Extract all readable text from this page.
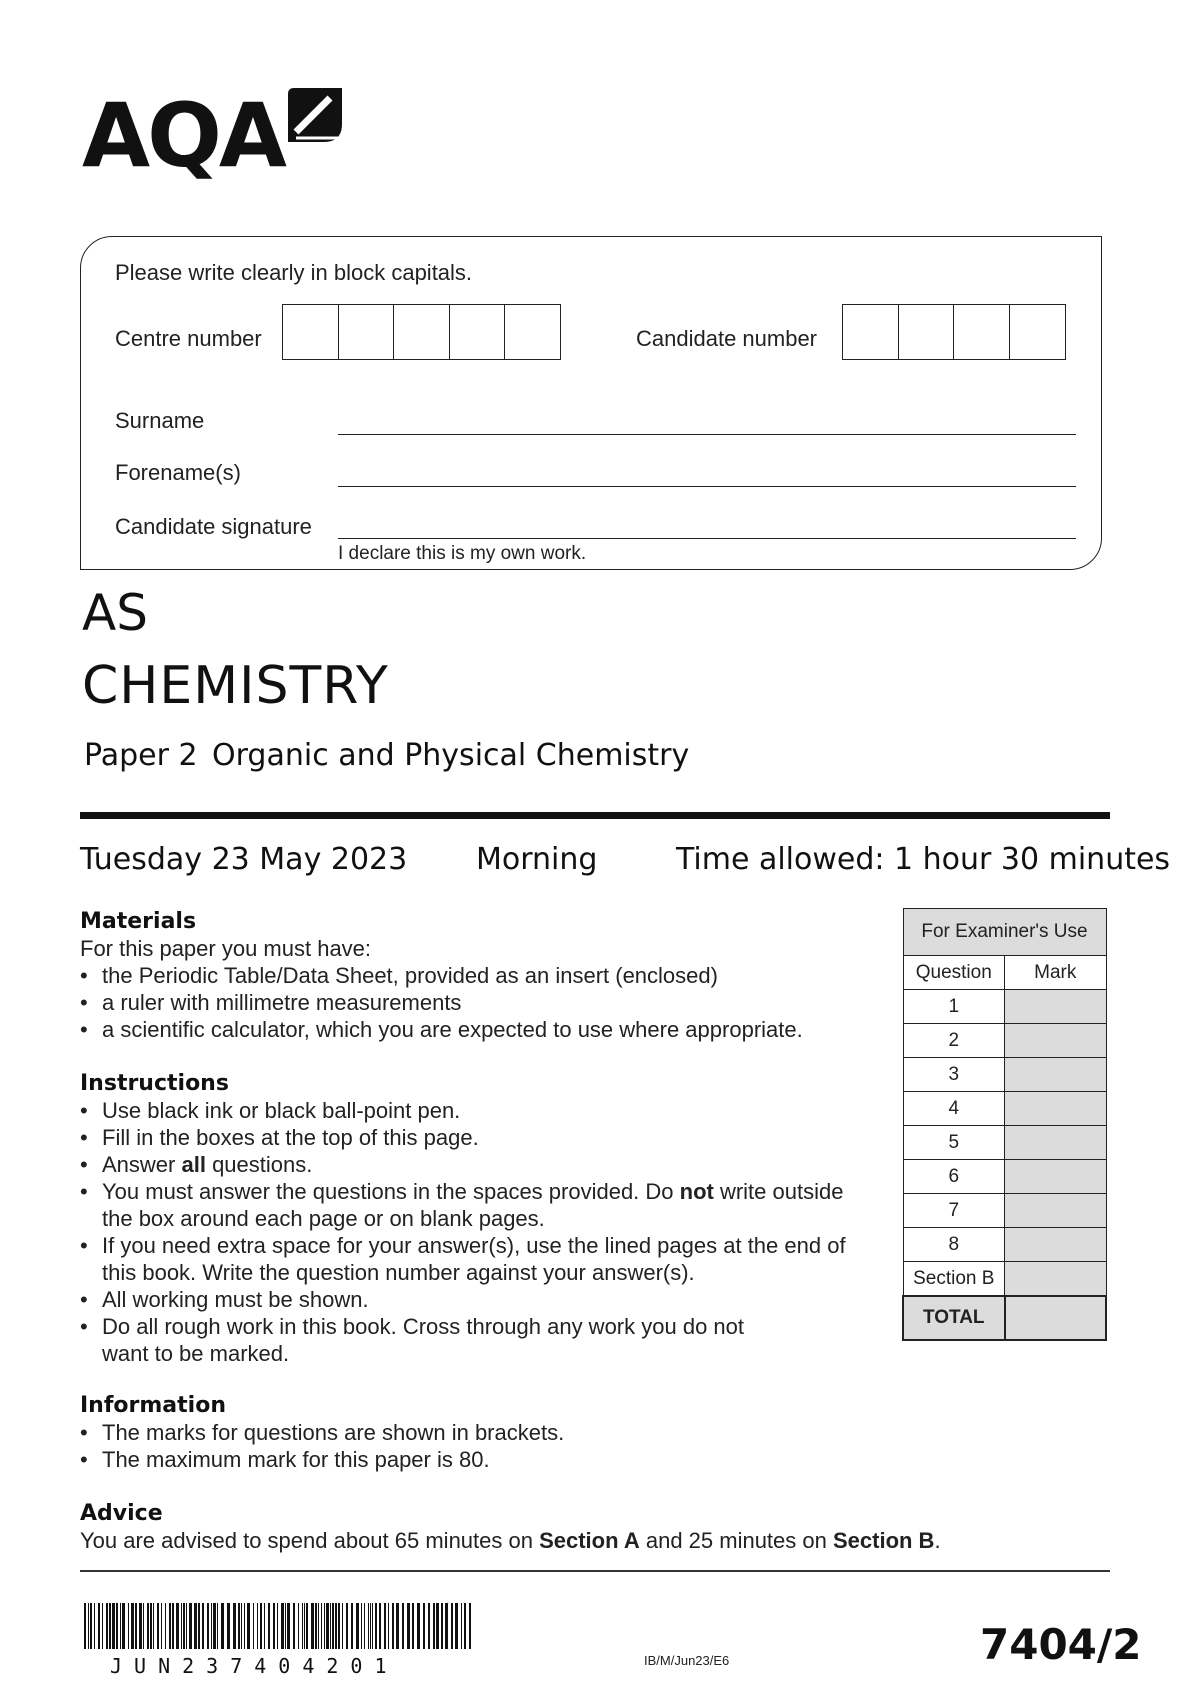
AQA
Please write clearly in block capitals.
Centre number	Candidate number
Surname
Forename(s)
Candidate signature
I declare this is my own work.
AS
CHEMISTRY
Paper 2 Organic and Physical Chemistry
Tuesday 23 May 2023 Morning	Time allowed: 1 hour 30 minutes
Materials
For this paper you must have:
• the Periodic Table/Data Sheet, provided as an insert (enclosed)
• a ruler with millimetre measurements
• a scientific calculator, which you are expected to use where appropriate.
Instructions
• Use black ink or black ball-point pen.
• Fill in the boxes at the top of this page.
• Answer all questions.
• You must answer the questions in the spaces provided. Do not write outside the box around each page or on blank pages.
• If you need extra space for your answer(s), use the lined pages at the end of this book. Write the question number against your answer(s).
• All working must be shown.
• Do all rough work in this book. Cross through any work you do not want to be marked.
Information
• The marks for questions are shown in brackets.
• The maximum mark for this paper is 80.
Advice
You are advised to spend about 65 minutes on Section A and 25 minutes on Section B.
For Examiner's Use	
Question	Mark
1	
2	
3	
4	
5	
6	
7	
8	
Section B	
TOTAL	
JUN237404201	IB/M/Jun23/E6	7404/2
